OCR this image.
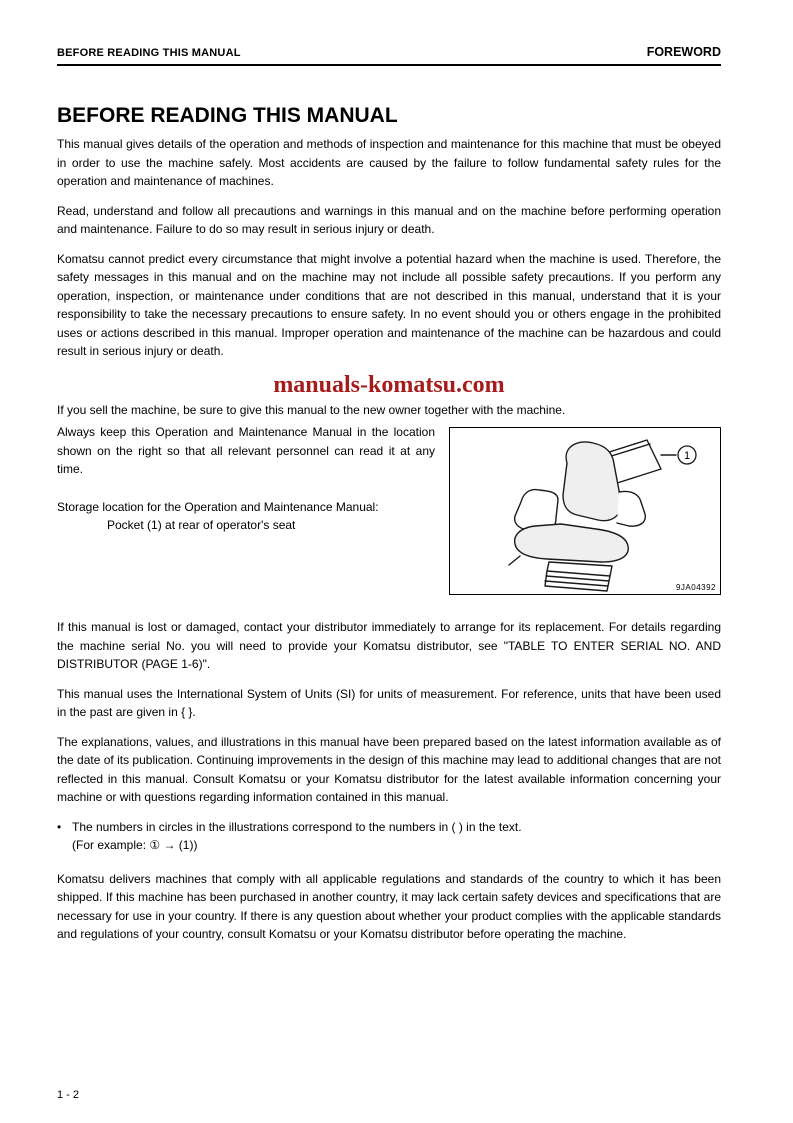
BEFORE READING THIS MANUAL	FOREWORD
BEFORE READING THIS MANUAL

This manual gives details of the operation and methods of inspection and maintenance for this machine that must be obeyed in order to use the machine safely. Most accidents are caused by the failure to follow fundamental safety rules for the operation and maintenance of machines.

Read, understand and follow all precautions and warnings in this manual and on the machine before performing operation and maintenance. Failure to do so may result in serious injury or death.

Komatsu cannot predict every circumstance that might involve a potential hazard when the machine is used. Therefore, the safety messages in this manual and on the machine may not include all possible safety precautions. If you perform any operation, inspection, or maintenance under conditions that are not described in this manual, understand that it is your responsibility to take the necessary precautions to ensure safety. In no event should you or others engage in the prohibited uses or actions described in this manual. Improper operation and maintenance of the machine can be hazardous and could result in serious injury or death.

manuals-komatsu.com

If you sell the machine, be sure to give this manual to the new owner together with the machine.

1
9JA04392

Always keep this Operation and Maintenance Manual in the location shown on the right so that all relevant personnel can read it at any time.

Storage location for the Operation and Maintenance Manual:

Pocket (1) at rear of operator's seat

If this manual is lost or damaged, contact your distributor immediately to arrange for its replacement. For details regarding the machine serial No. you will need to provide your Komatsu distributor, see "TABLE TO ENTER SERIAL NO. AND DISTRIBUTOR (PAGE 1-6)".

This manual uses the International System of Units (SI) for units of measurement. For reference, units that have been used in the past are given in { }.

The explanations, values, and illustrations in this manual have been prepared based on the latest information available as of the date of its publication. Continuing improvements in the design of this machine may lead to additional changes that are not reflected in this manual. Consult Komatsu or your Komatsu distributor for the latest available information concerning your machine or with questions regarding information contained in this manual.

• The numbers in circles in the illustrations correspond to the numbers in ( ) in the text.
(For example: ① → (1))

Komatsu delivers machines that comply with all applicable regulations and standards of the country to which it has been shipped. If this machine has been purchased in another country, it may lack certain safety devices and specifications that are necessary for use in your country. If there is any question about whether your product complies with the applicable standards and regulations of your country, consult Komatsu or your Komatsu distributor before operating the machine.

1 - 2
